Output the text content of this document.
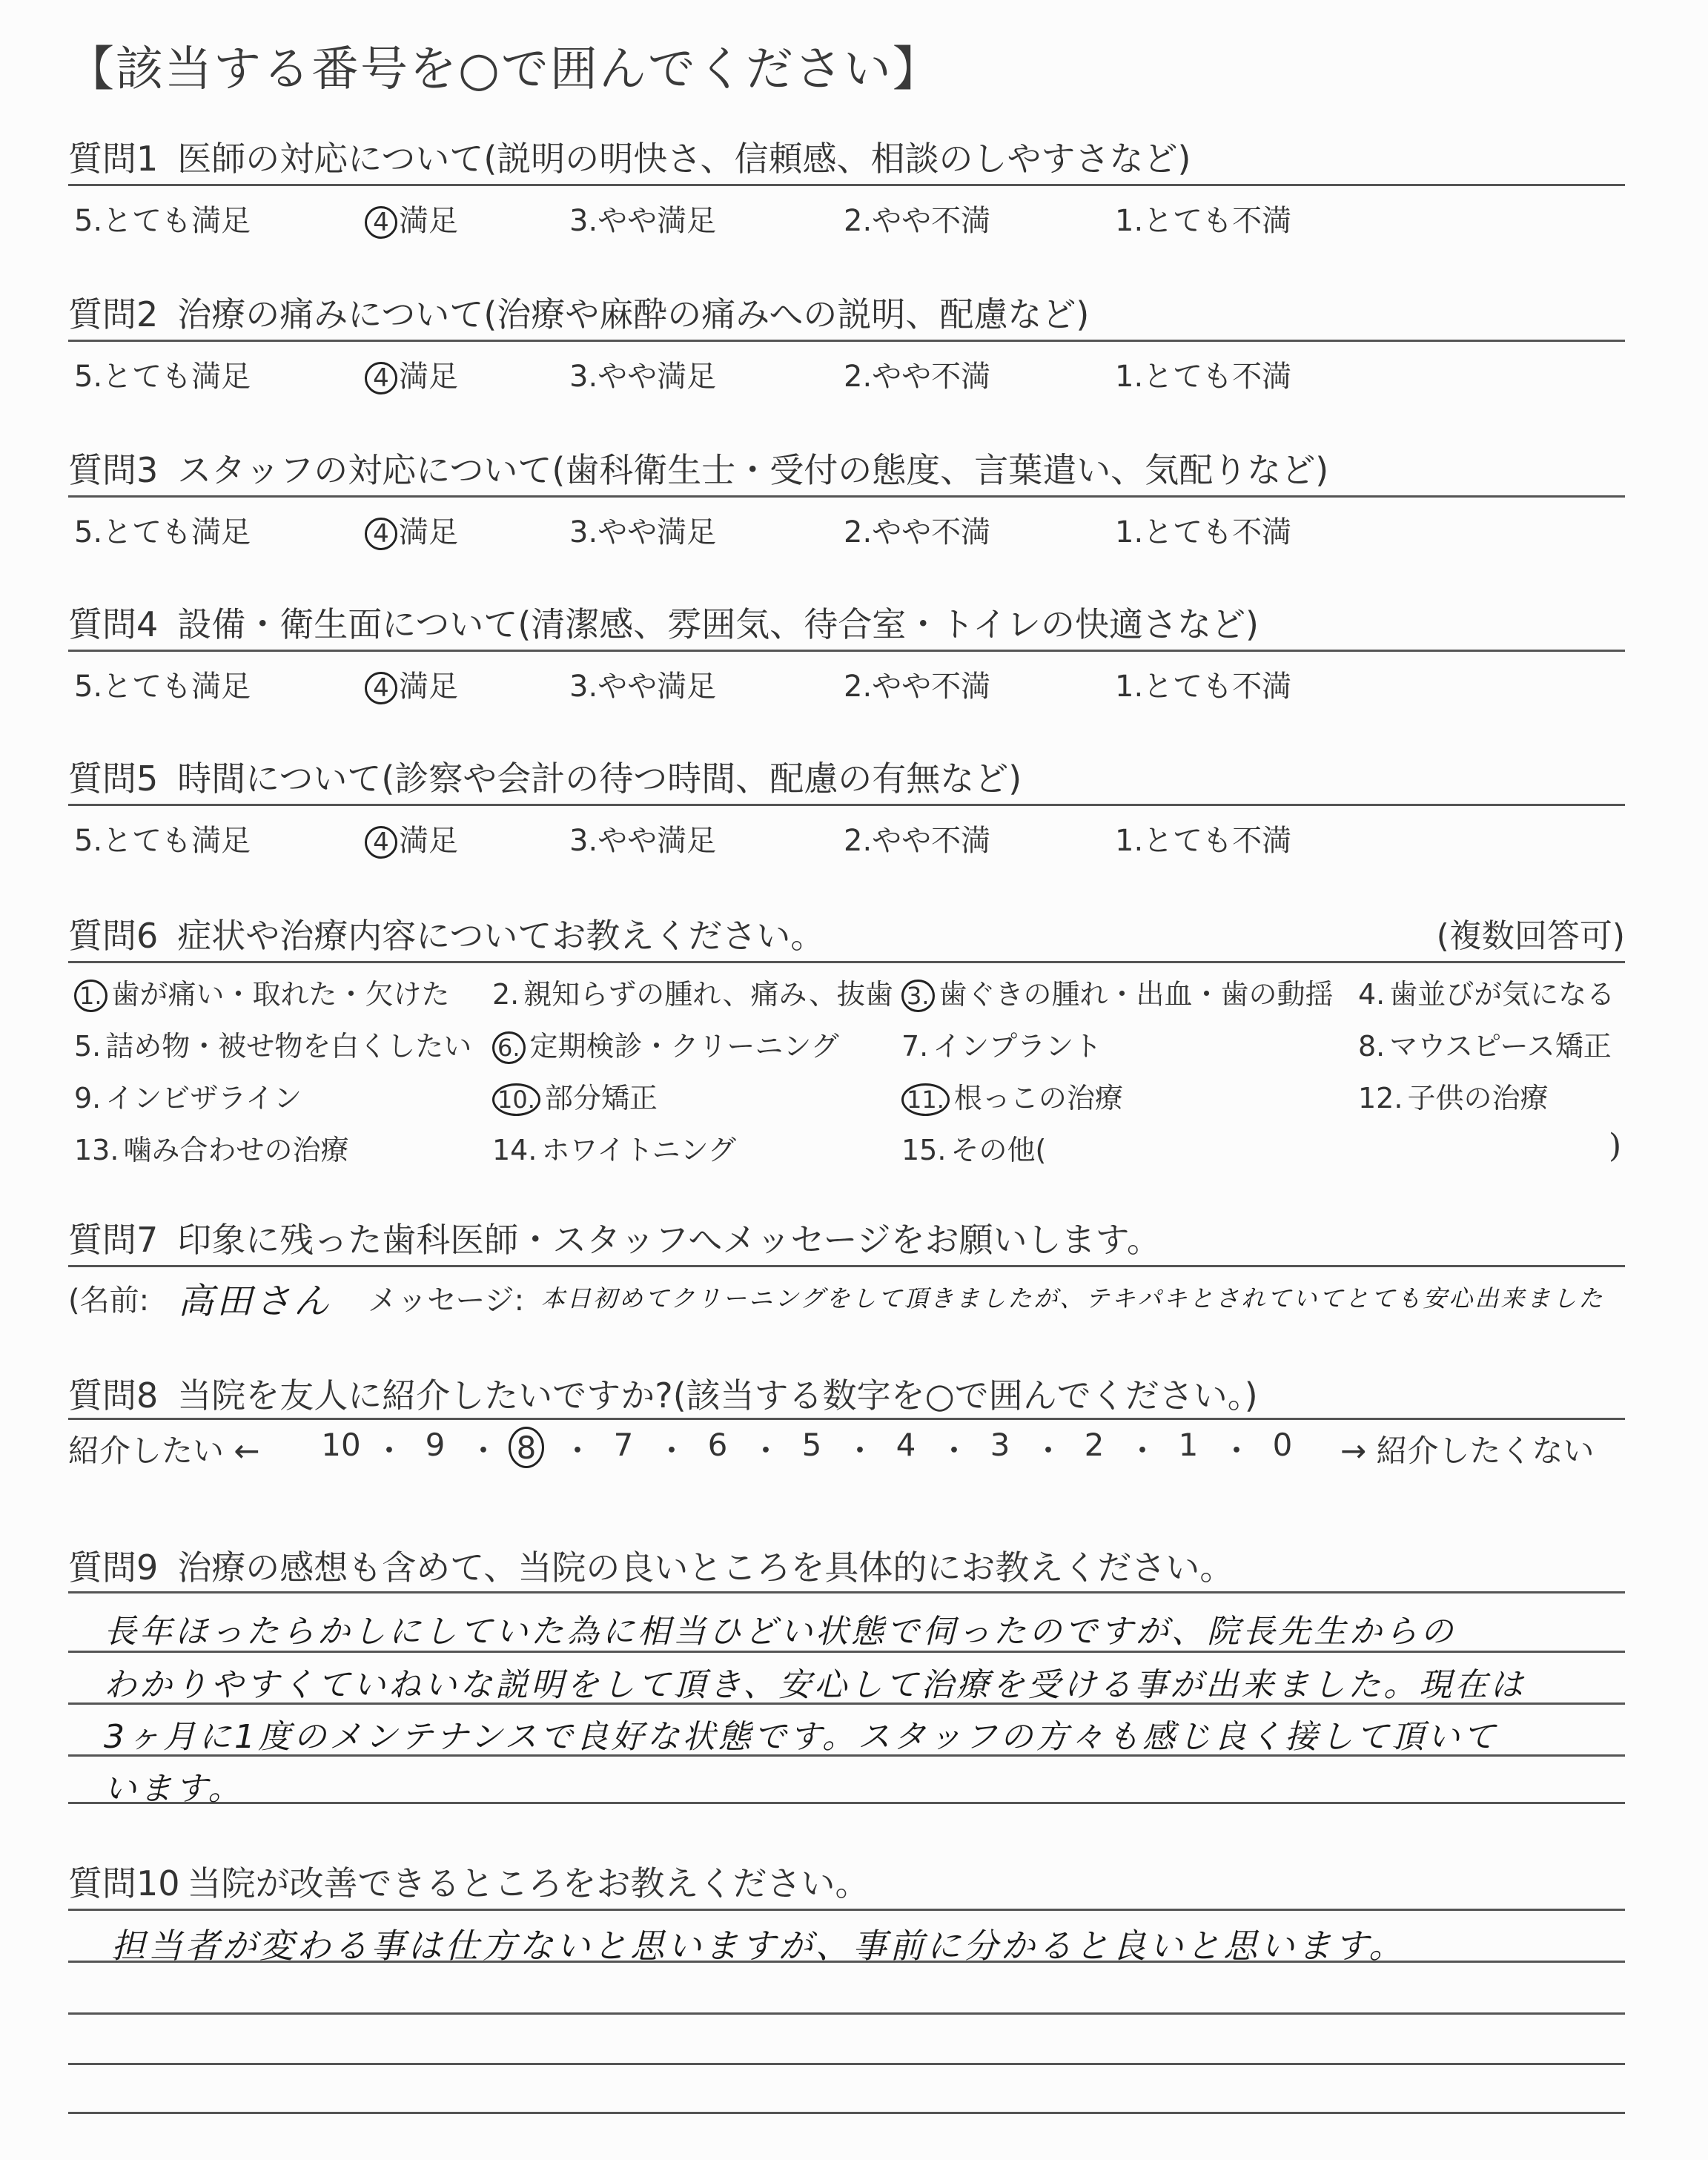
【該当する番号を○で囲んでください】
質問1 医師の対応について(説明の明快さ、信頼感、相談のしやすさなど)
5.とても満足	4 満足	3.やや満足	2.やや不満	1.とても不満
質問2 治療の痛みについて(治療や麻酔の痛みへの説明、配慮など)
5.とても満足	4 満足	3.やや満足	2.やや不満	1.とても不満
質問3 スタッフの対応について(歯科衛生士・受付の態度、言葉遣い、気配りなど)
5.とても満足	4 満足	3.やや満足	2.やや不満	1.とても不満
質問4 設備・衛生面について(清潔感、雰囲気、待合室・トイレの快適さなど)
5.とても満足	4 満足	3.やや満足	2.やや不満	1.とても不満
質問5 時間について(診察や会計の待つ時間、配慮の有無など)
5.とても満足	4 満足	3.やや満足	2.やや不満	1.とても不満
質問6 症状や治療内容についてお教えください。	(複数回答可)
1. 歯が痛い・取れた・欠けた 2. 親知らずの腫れ、痛み、抜歯 3. 歯ぐきの腫れ・出血・歯の動揺 4. 歯並びが気になる
5. 詰め物・被せ物を白くしたい 6. 定期検診・クリーニング 7. インプラント	8. マウスピース矯正
9. インビザライン	10. 部分矯正	11. 根っこの治療	12. 子供の治療
13. 噛み合わせの治療	14. ホワイトニング	15. その他(	)
質問7 印象に残った歯科医師・スタッフへメッセージをお願いします。
(名前: 高田さん メッセージ: 本日初めてクリーニングをして頂きましたが、テキパキとされていてとても安心出来ました
質問8 当院を友人に紹介したいですか?(該当する数字を○で囲んでください。)
紹介したい ← 10 ・ 9 ・ 8 ・ 7 ・ 6 ・ 5 ・ 4 ・ 3 ・ 2 ・ 1 ・ 0	→ 紹介したくない
質問9 治療の感想も含めて、当院の良いところを具体的にお教えください。
長年ほったらかしにしていた為に相当ひどい状態で伺ったのですが、院長先生からの
わかりやすくていねいな説明をして頂き、安心して治療を受ける事が出来ました。現在は
3ヶ月に1度のメンテナンスで良好な状態です。スタッフの方々も感じ良く接して頂いて
います。
質問10 当院が改善できるところをお教えください。
担当者が変わる事は仕方ないと思いますが、事前に分かると良いと思います。
